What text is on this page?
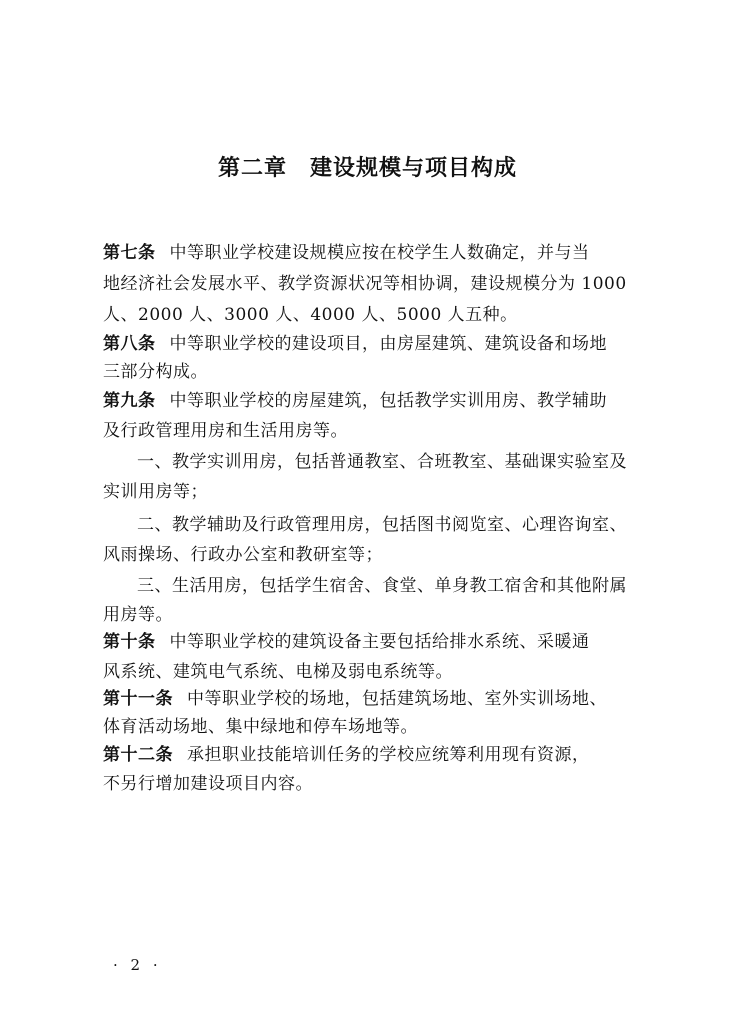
第二章　建设规模与项目构成
第七条 中等职业学校建设规模应按在校学生人数确定，并与当
地经济社会发展水平、教学资源状况等相协调，建设规模分为 1000
人、2000 人、3000 人、4000 人、5000 人五种。
第八条 中等职业学校的建设项目，由房屋建筑、建筑设备和场地
三部分构成。
第九条 中等职业学校的房屋建筑，包括教学实训用房、教学辅助
及行政管理用房和生活用房等。
一、教学实训用房，包括普通教室、合班教室、基础课实验室及
实训用房等；
二、教学辅助及行政管理用房，包括图书阅览室、心理咨询室、
风雨操场、行政办公室和教研室等；
三、生活用房，包括学生宿舍、食堂、单身教工宿舍和其他附属
用房等。
第十条 中等职业学校的建筑设备主要包括给排水系统、采暖通
风系统、建筑电气系统、电梯及弱电系统等。
第十一条 中等职业学校的场地，包括建筑场地、室外实训场地、
体育活动场地、集中绿地和停车场地等。
第十二条 承担职业技能培训任务的学校应统筹利用现有资源，
不另行增加建设项目内容。
· 2 ·
